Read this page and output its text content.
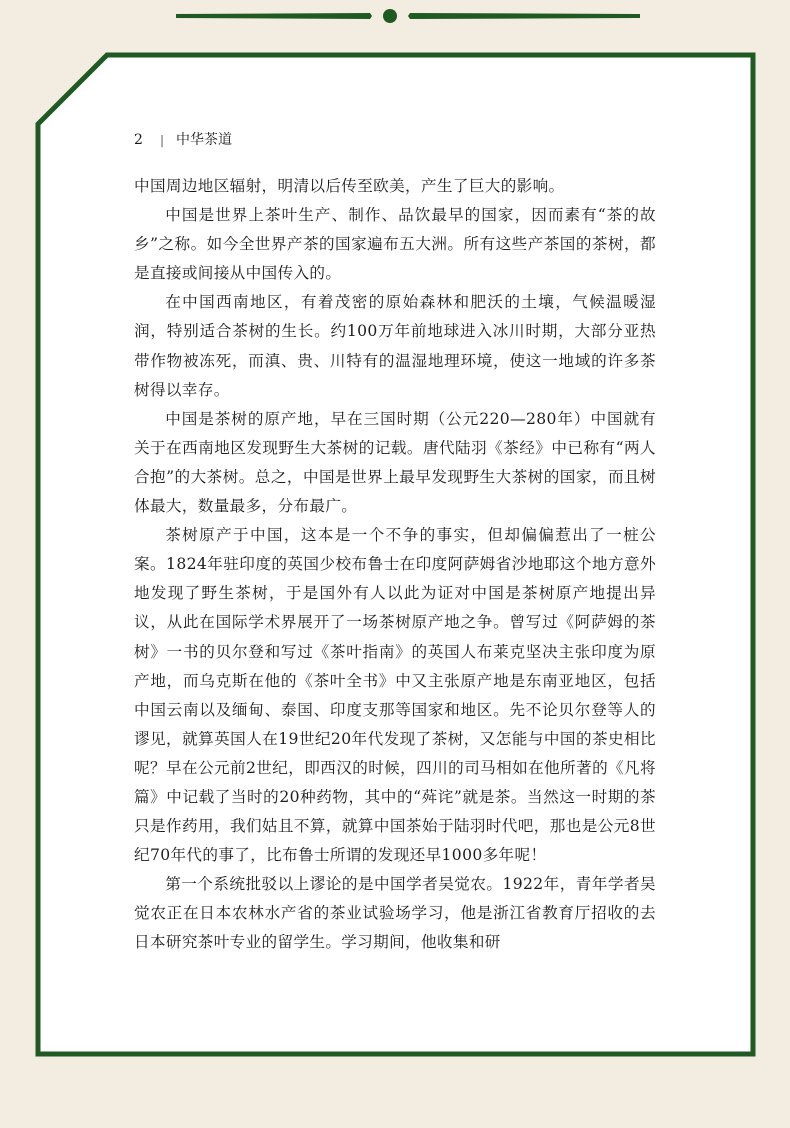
2 | 中华茶道

中国周边地区辐射，明清以后传至欧美，产生了巨大的影响。

中国是世界上茶叶生产、制作、品饮最早的国家，因而素有“茶的故乡”之称。如今全世界产茶的国家遍布五大洲。所有这些产茶国的茶树，都是直接或间接从中国传入的。

在中国西南地区，有着茂密的原始森林和肥沃的土壤，气候温暖湿润，特别适合茶树的生长。约100万年前地球进入冰川时期，大部分亚热带作物被冻死，而滇、贵、川特有的温湿地理环境，使这一地域的许多茶树得以幸存。

中国是茶树的原产地，早在三国时期（公元220—280年）中国就有关于在西南地区发现野生大茶树的记载。唐代陆羽《茶经》中已称有“两人合抱”的大茶树。总之，中国是世界上最早发现野生大茶树的国家，而且树体最大，数量最多，分布最广。

茶树原产于中国，这本是一个不争的事实，但却偏偏惹出了一桩公案。1824年驻印度的英国少校布鲁士在印度阿萨姆省沙地耶这个地方意外地发现了野生茶树，于是国外有人以此为证对中国是茶树原产地提出异议，从此在国际学术界展开了一场茶树原产地之争。曾写过《阿萨姆的茶树》一书的贝尔登和写过《茶叶指南》的英国人布莱克坚决主张印度为原产地，而乌克斯在他的《茶叶全书》中又主张原产地是东南亚地区，包括中国云南以及缅甸、泰国、印度支那等国家和地区。先不论贝尔登等人的谬见，就算英国人在19世纪20年代发现了茶树，又怎能与中国的茶史相比呢？早在公元前2世纪，即西汉的时候，四川的司马相如在他所著的《凡将篇》中记载了当时的20种药物，其中的“荈诧”就是茶。当然这一时期的茶只是作药用，我们姑且不算，就算中国茶始于陆羽时代吧，那也是公元8世纪70年代的事了，比布鲁士所谓的发现还早1000多年呢！

第一个系统批驳以上谬论的是中国学者吴觉农。1922年，青年学者吴觉农正在日本农林水产省的茶业试验场学习，他是浙江省教育厅招收的去日本研究茶叶专业的留学生。学习期间，他收集和研
